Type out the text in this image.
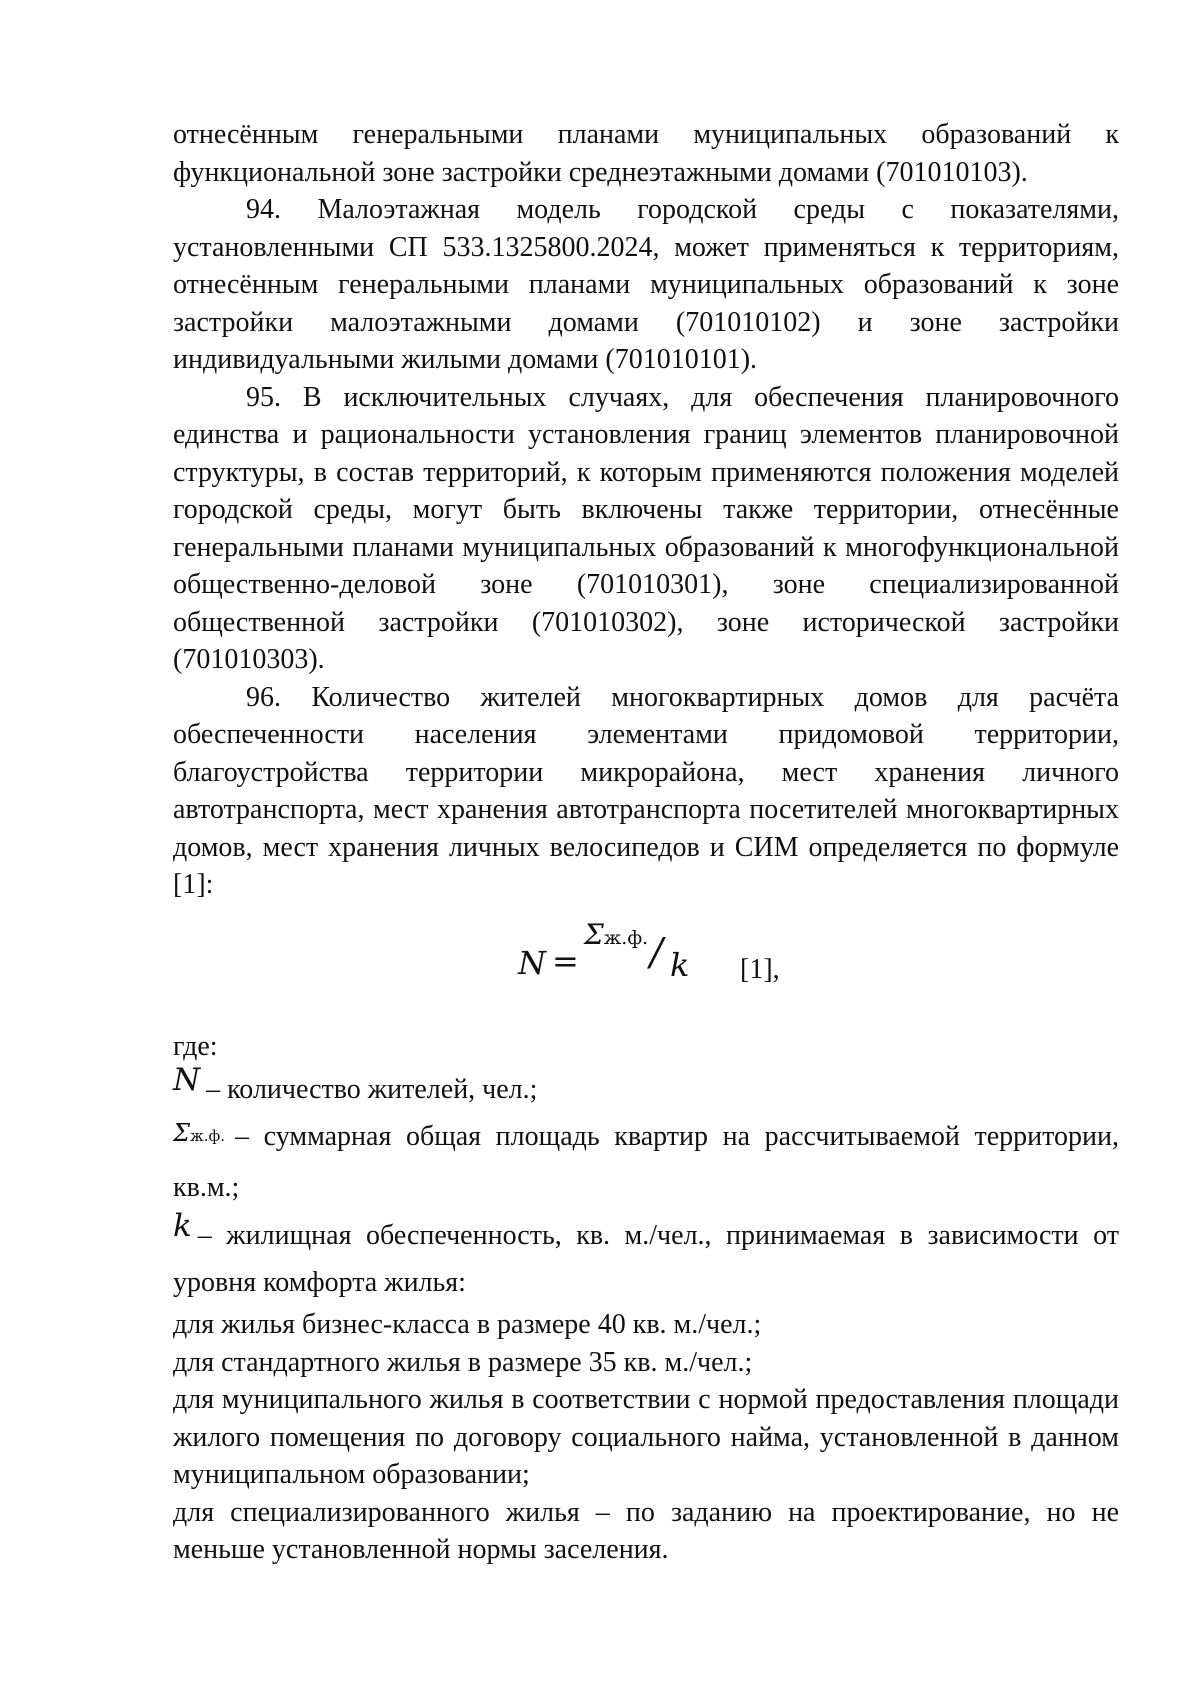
отнесённым генеральными планами муниципальных образований к функциональной зоне застройки среднеэтажными домами (701010103).

94. Малоэтажная модель городской среды с показателями, установленными СП 533.1325800.2024, может применяться к территориям, отнесённым генеральными планами муниципальных образований к зоне застройки малоэтажными домами (701010102) и зоне застройки индивидуальными жилыми домами (701010101).

95. В исключительных случаях, для обеспечения планировочного единства и рациональности установления границ элементов планировочной структуры, в состав территорий, к которым применяются положения моделей городской среды, могут быть включены также территории, отнесённые генеральными планами муниципальных образований к многофункциональной общественно-деловой зоне (701010301), зоне специализированной общественной застройки (701010302), зоне исторической застройки (701010303).

96. Количество жителей многоквартирных домов для расчёта обеспеченности населения элементами придомовой территории, благоустройства территории микрорайона, мест хранения личного автотранспорта, мест хранения автотранспорта посетителей многоквартирных домов, мест хранения личных велосипедов и СИМ определяется по формуле [1]:

N =
Σж.ф. / k [1],

где:

N – количество жителей, чел.;

Σж.ф. – суммарная общая площадь квартир на рассчитываемой территории, кв.м.;

k – жилищная обеспеченность, кв. м./чел., принимаемая в зависимости от уровня комфорта жилья:

для жилья бизнес-класса в размере 40 кв. м./чел.;

для стандартного жилья в размере 35 кв. м./чел.;

для муниципального жилья в соответствии с нормой предоставления площади жилого помещения по договору социального найма, установленной в данном муниципальном образовании;

для специализированного жилья – по заданию на проектирование, но не меньше установленной нормы заселения.
